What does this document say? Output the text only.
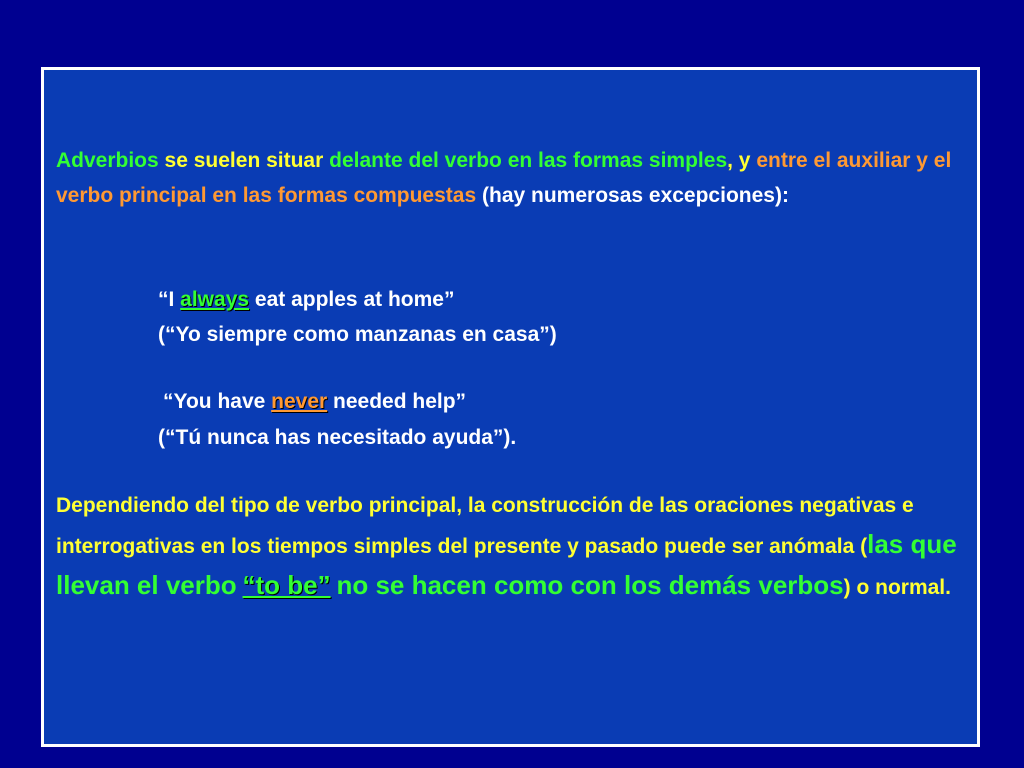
Adverbios se suelen situar delante del verbo en las formas simples, y entre el auxiliar y el verbo principal en las formas compuestas (hay numerosas excepciones):

“I always eat apples at home”

(“Yo siempre como manzanas en casa”)

“You have never needed help”

(“Tú nunca has necesitado ayuda”).

Dependiendo del tipo de verbo principal, la construcción de las oraciones negativas e interrogativas en los tiempos simples del presente y pasado puede ser anómala (las que llevan el verbo “to be” no se hacen como con los demás verbos) o normal.
